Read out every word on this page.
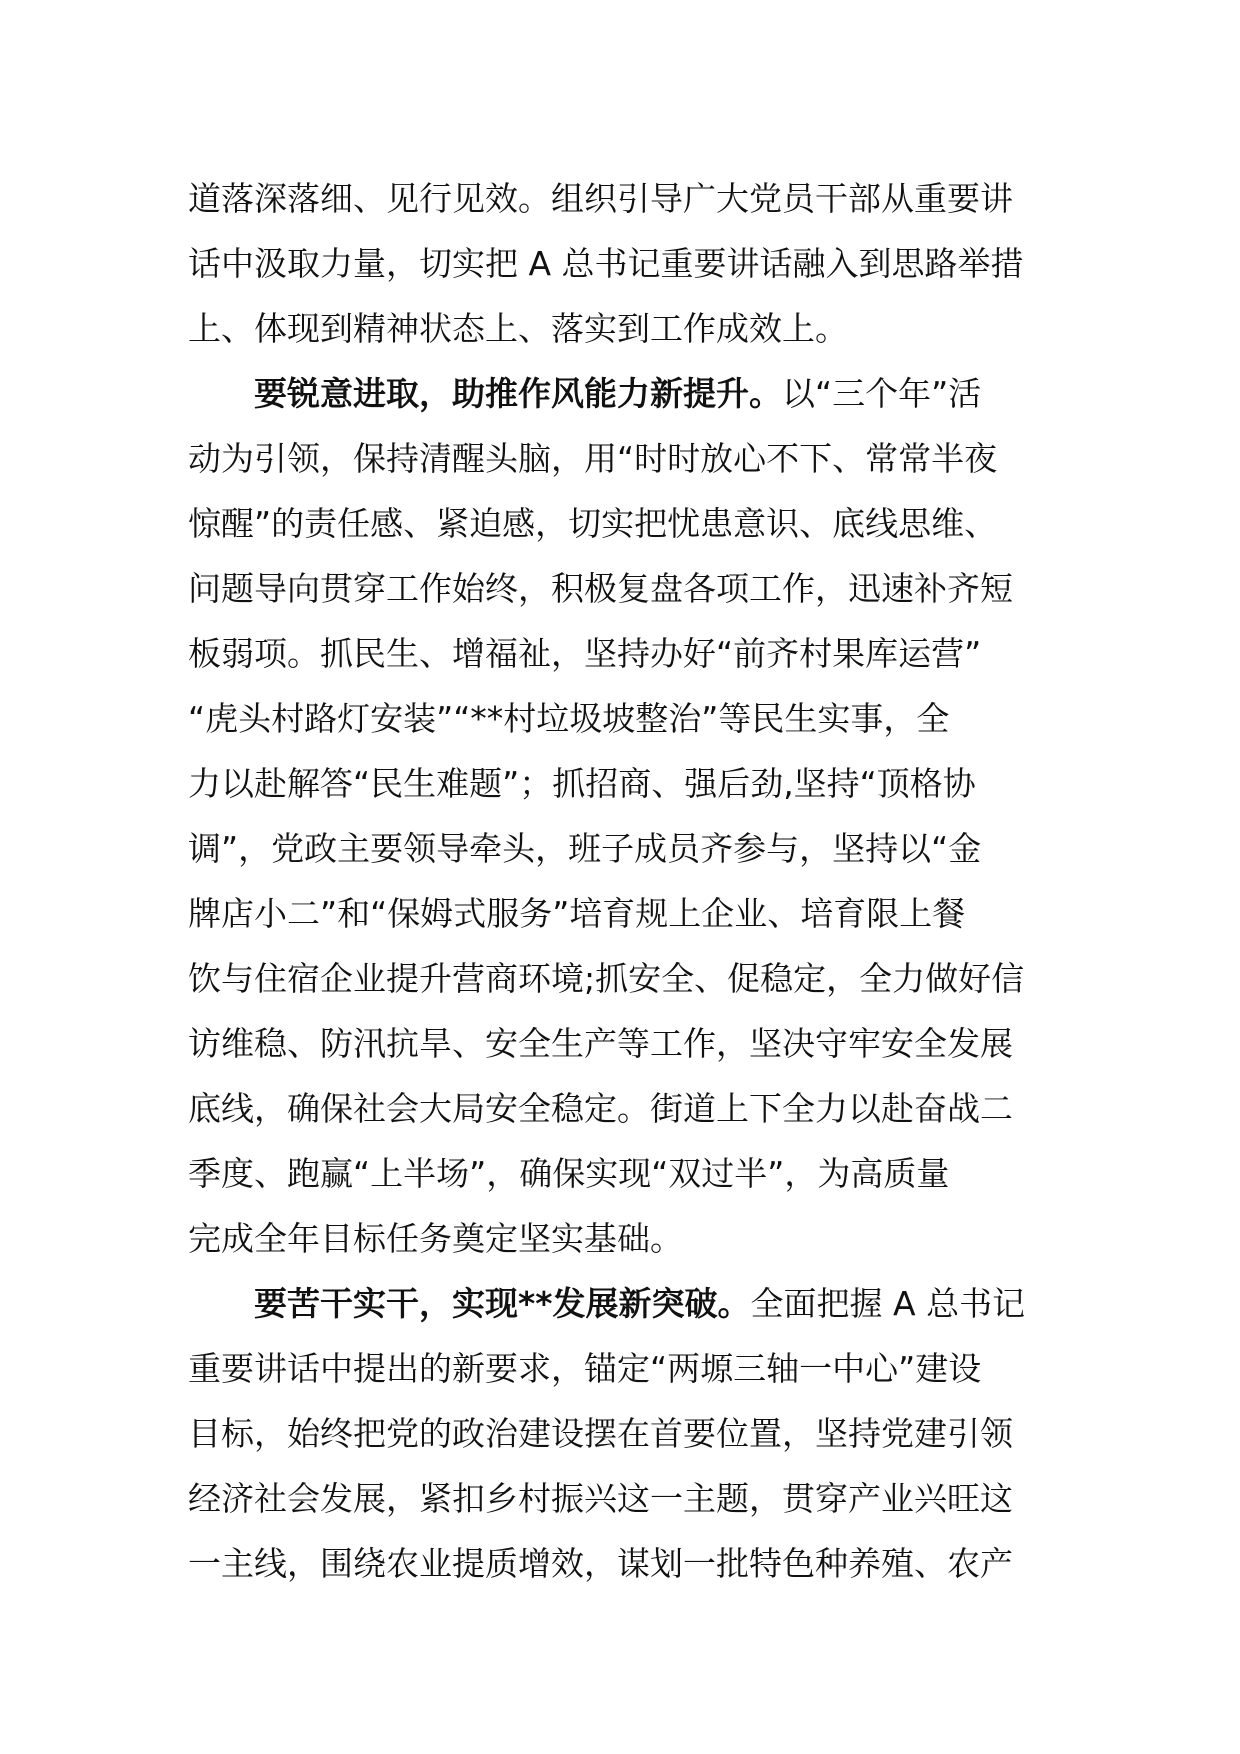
道落深落细、见行见效。组织引导广大党员干部从重要讲
话中汲取力量，切实把 A 总书记重要讲话融入到思路举措
上、体现到精神状态上、落实到工作成效上。
要锐意进取，助推作风能力新提升。以“三个年”活
动为引领，保持清醒头脑，用“时时放心不下、常常半夜
惊醒”的责任感、紧迫感，切实把忧患意识、底线思维、
问题导向贯穿工作始终，积极复盘各项工作，迅速补齐短
板弱项。抓民生、增福祉，坚持办好“前齐村果库运营”
“虎头村路灯安装”“**村垃圾坡整治”等民生实事，全
力以赴解答“民生难题”；抓招商、强后劲,坚持“顶格协
调”，党政主要领导牵头，班子成员齐参与，坚持以“金
牌店小二”和“保姆式服务”培育规上企业、培育限上餐
饮与住宿企业提升营商环境;抓安全、促稳定，全力做好信
访维稳、防汛抗旱、安全生产等工作，坚决守牢安全发展
底线，确保社会大局安全稳定。街道上下全力以赴奋战二
季度、跑赢“上半场”，确保实现“双过半”，为高质量
完成全年目标任务奠定坚实基础。
要苦干实干，实现**发展新突破。全面把握 A 总书记
重要讲话中提出的新要求，锚定“两塬三轴一中心”建设
目标，始终把党的政治建设摆在首要位置，坚持党建引领
经济社会发展，紧扣乡村振兴这一主题，贯穿产业兴旺这
一主线，围绕农业提质增效，谋划一批特色种养殖、农产
